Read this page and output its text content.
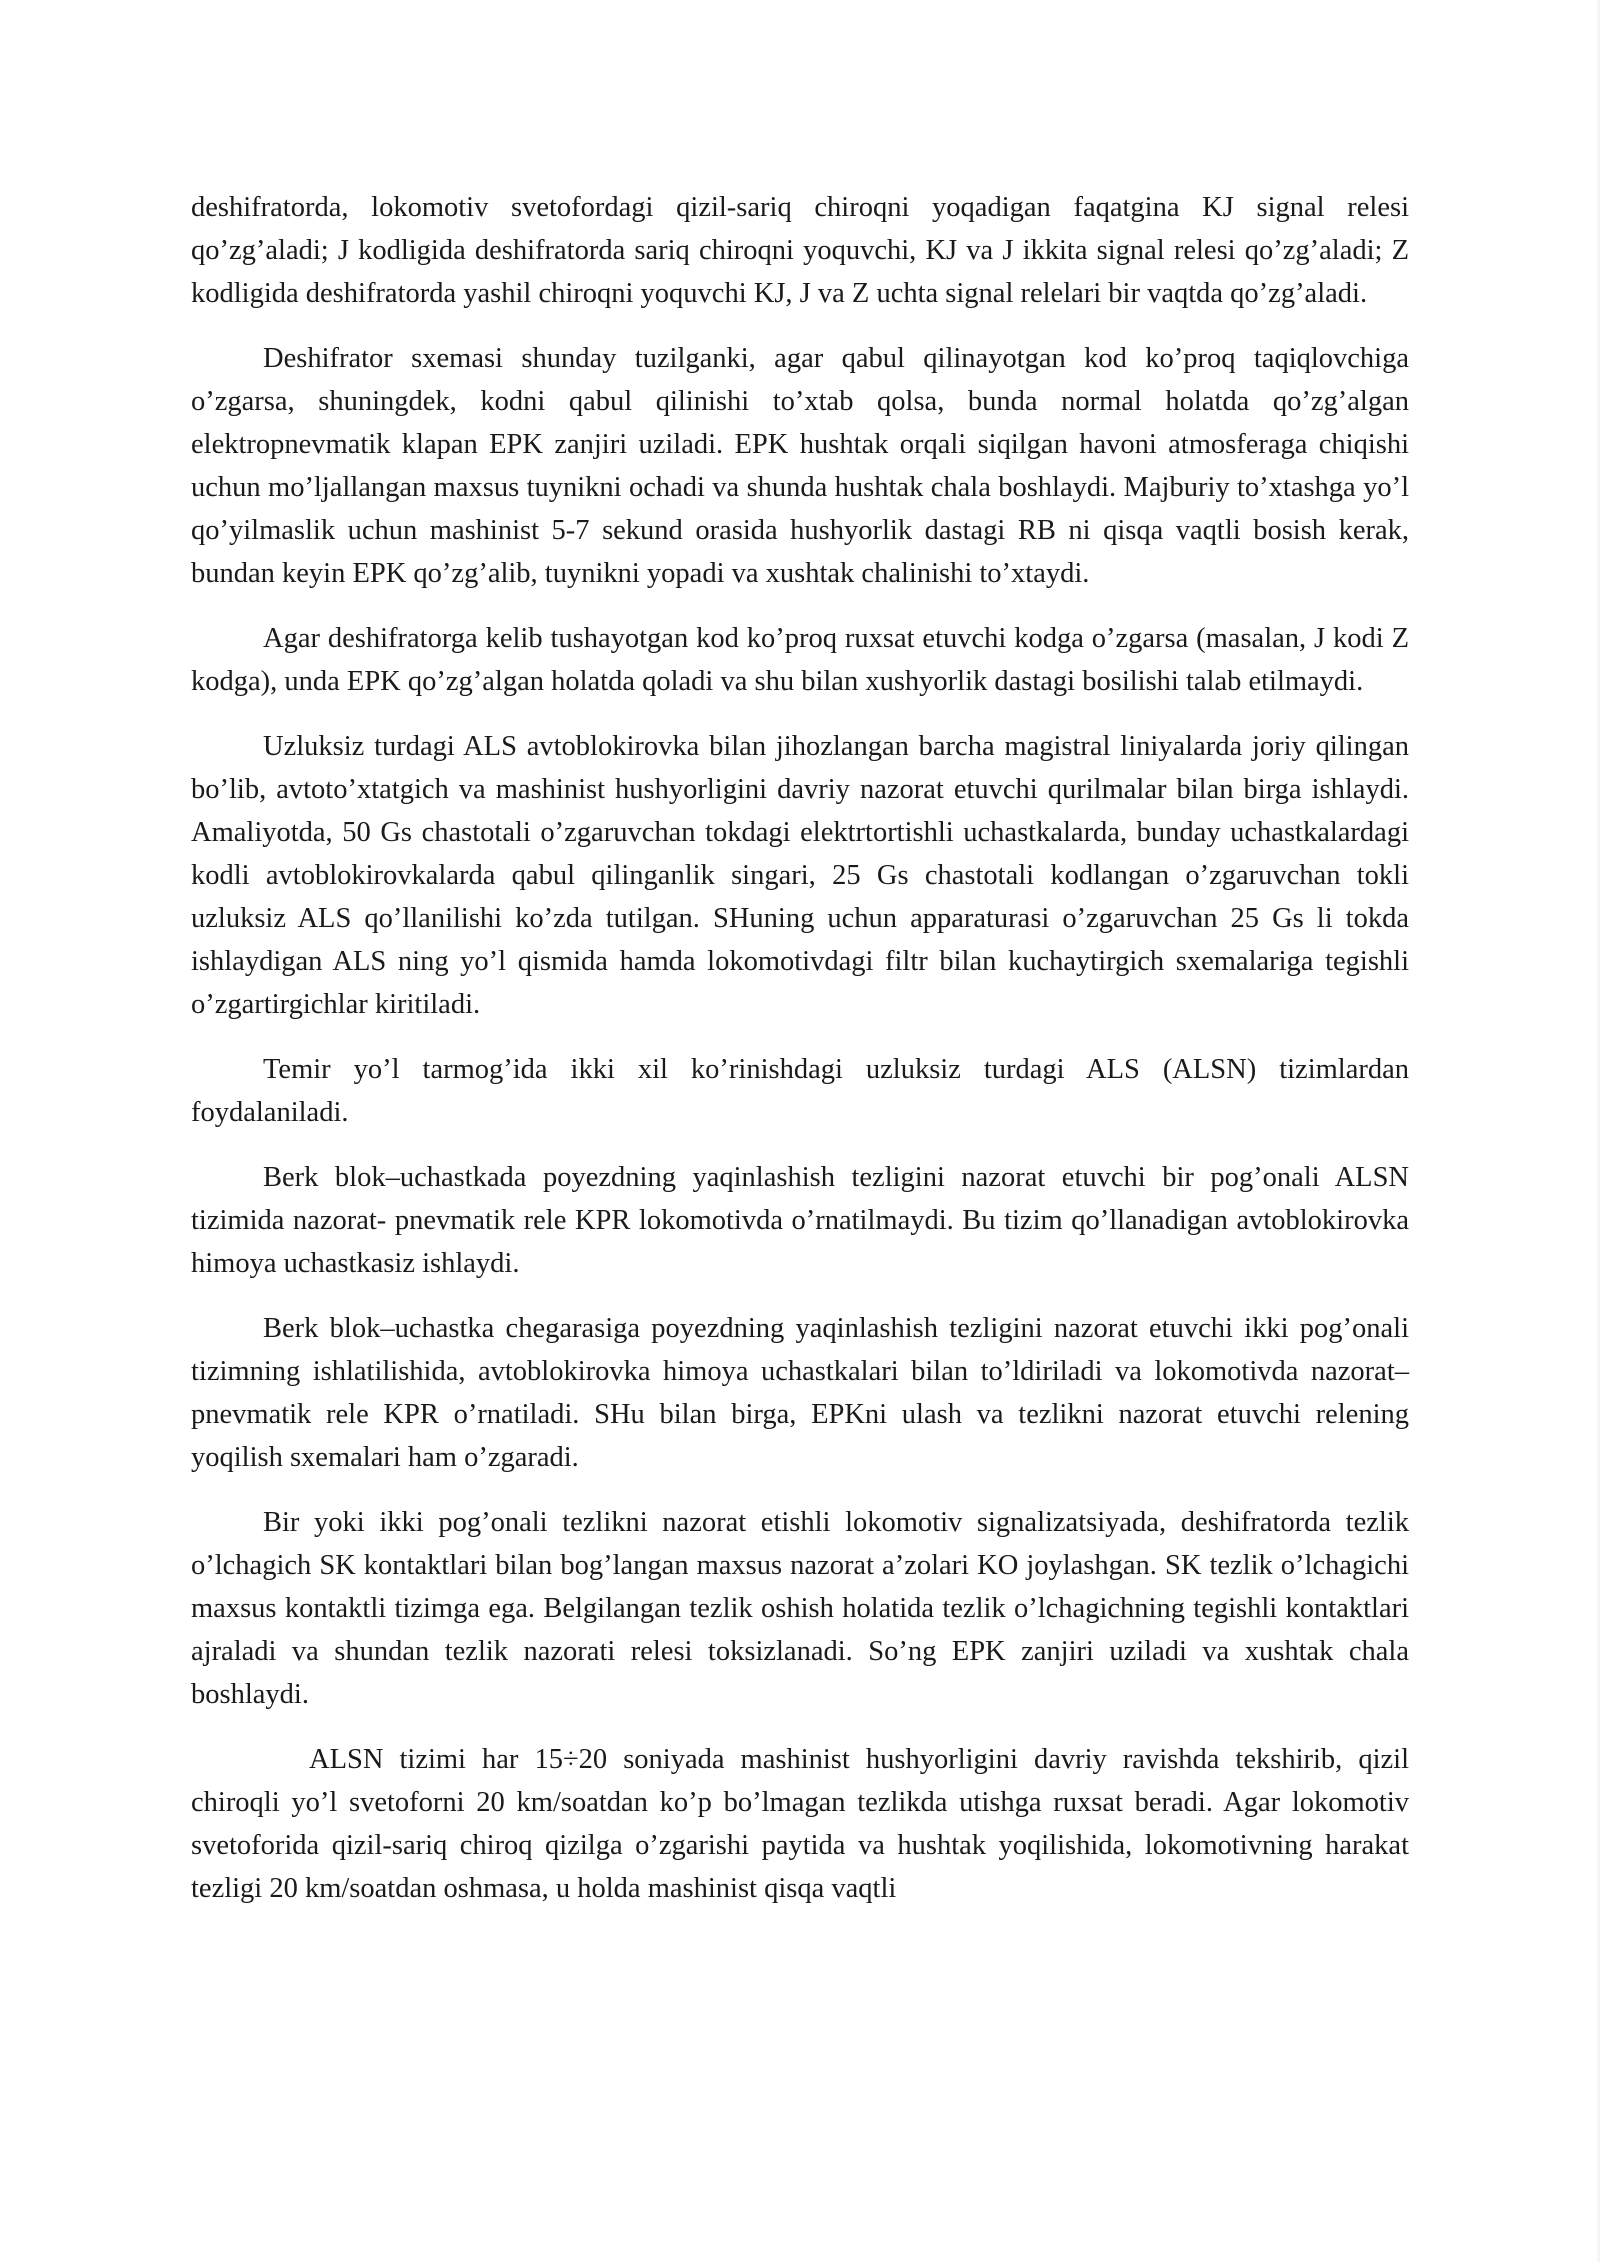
deshifratorda, lokomotiv svetofordagi qizil-sariq chiroqni yoqadigan faqatgina KJ signal relesi qo’zg’aladi; J kodligida deshifratorda sariq chiroqni yoquvchi, KJ va J ikkita signal relesi qo’zg’aladi; Z kodligida deshifratorda yashil chiroqni yoquvchi KJ, J va Z uchta signal relelari bir vaqtda qo’zg’aladi.

Deshifrator sxemasi shunday tuzilganki, agar qabul qilinayotgan kod ko’proq taqiqlovchiga o’zgarsa, shuningdek, kodni qabul qilinishi to’xtab qolsa, bunda normal holatda qo’zg’algan elektropnevmatik klapan EPK zanjiri uziladi. EPK hushtak orqali siqilgan havoni atmosferaga chiqishi uchun mo’ljallangan maxsus tuynikni ochadi va shunda hushtak chala boshlaydi. Majburiy to’xtashga yo’l qo’yilmaslik uchun mashinist 5-7 sekund orasida hushyorlik dastagi RB ni qisqa vaqtli bosish kerak, bundan keyin EPK qo’zg’alib, tuynikni yopadi va xushtak chalinishi to’xtaydi.

Agar deshifratorga kelib tushayotgan kod ko’proq ruxsat etuvchi kodga o’zgarsa (masalan, J kodi Z kodga), unda EPK qo’zg’algan holatda qoladi va shu bilan xushyorlik dastagi bosilishi talab etilmaydi.

Uzluksiz turdagi ALS avtoblokirovka bilan jihozlangan barcha magistral liniyalarda joriy qilingan bo’lib, avtoto’xtatgich va mashinist hushyorligini davriy nazorat etuvchi qurilmalar bilan birga ishlaydi. Amaliyotda, 50 Gs chastotali o’zgaruvchan tokdagi elektrtortishli uchastkalarda, bunday uchastkalardagi kodli avtoblokirovkalarda qabul qilinganlik singari, 25 Gs chastotali kodlangan o’zgaruvchan tokli uzluksiz ALS qo’llanilishi ko’zda tutilgan. SHuning uchun apparaturasi o’zgaruvchan 25 Gs li tokda ishlaydigan ALS ning yo’l qismida hamda lokomotivdagi filtr bilan kuchaytirgich sxemalariga tegishli o’zgartirgichlar kiritiladi.

Temir yo’l tarmog’ida ikki xil ko’rinishdagi uzluksiz turdagi ALS (ALSN) tizimlardan foydalaniladi.

Berk blok–uchastkada poyezdning yaqinlashish tezligini nazorat etuvchi bir pog’onali ALSN tizimida nazorat- pnevmatik rele KPR lokomotivda o’rnatilmaydi. Bu tizim qo’llanadigan avtoblokirovka himoya uchastkasiz ishlaydi.

Berk blok–uchastka chegarasiga poyezdning yaqinlashish tezligini nazorat etuvchi ikki pog’onali tizimning ishlatilishida, avtoblokirovka himoya uchastkalari bilan to’ldiriladi va lokomotivda nazorat–pnevmatik rele KPR o’rnatiladi. SHu bilan birga, EPKni ulash va tezlikni nazorat etuvchi relening yoqilish sxemalari ham o’zgaradi.

Bir yoki ikki pog’onali tezlikni nazorat etishli lokomotiv signalizatsiyada, deshifratorda tezlik o’lchagich SK kontaktlari bilan bog’langan maxsus nazorat a’zolari KO joylashgan. SK tezlik o’lchagichi maxsus kontaktli tizimga ega. Belgilangan tezlik oshish holatida tezlik o’lchagichning tegishli kontaktlari ajraladi va shundan tezlik nazorati relesi toksizlanadi. So’ng EPK zanjiri uziladi va xushtak chala boshlaydi.

ALSN tizimi har 15÷20 soniyada mashinist hushyorligini davriy ravishda tekshirib, qizil chiroqli yo’l svetoforni 20 km/soatdan ko’p bo’lmagan tezlikda utishga ruxsat beradi. Agar lokomotiv svetoforida qizil-sariq chiroq qizilga o’zgarishi paytida va hushtak yoqilishida, lokomotivning harakat tezligi 20 km/soatdan oshmasa, u holda mashinist qisqa vaqtli
